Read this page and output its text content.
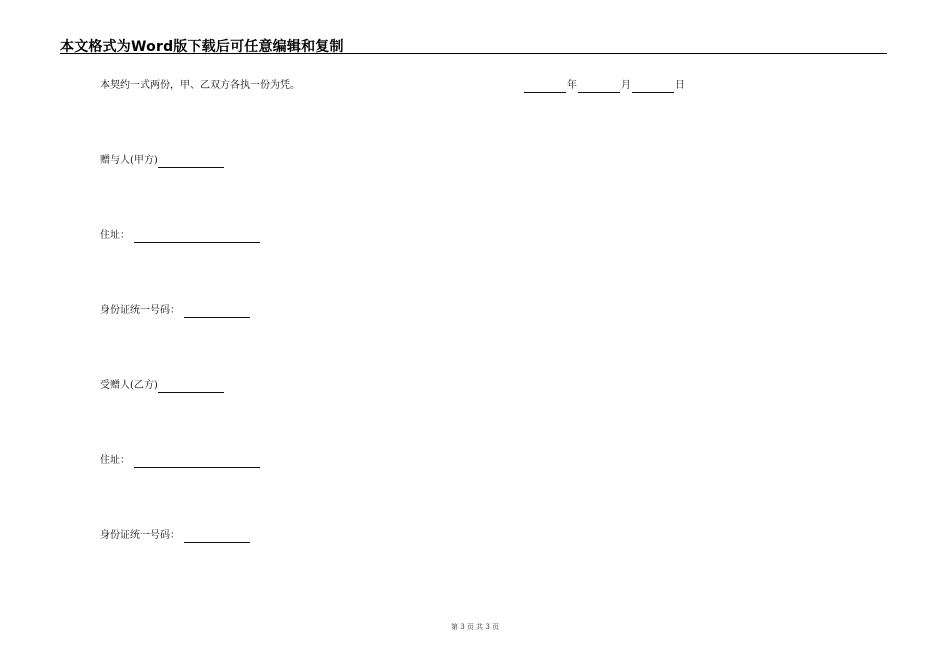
本文格式为Word版下载后可任意编辑和复制
本契约一式两份，甲、乙双方各执一份为凭。	年	月	日
赠与人(甲方)
住址：
身份证统一号码：
受赠人(乙方)
住址：
身份证统一号码：
第 3 页 共 3 页
